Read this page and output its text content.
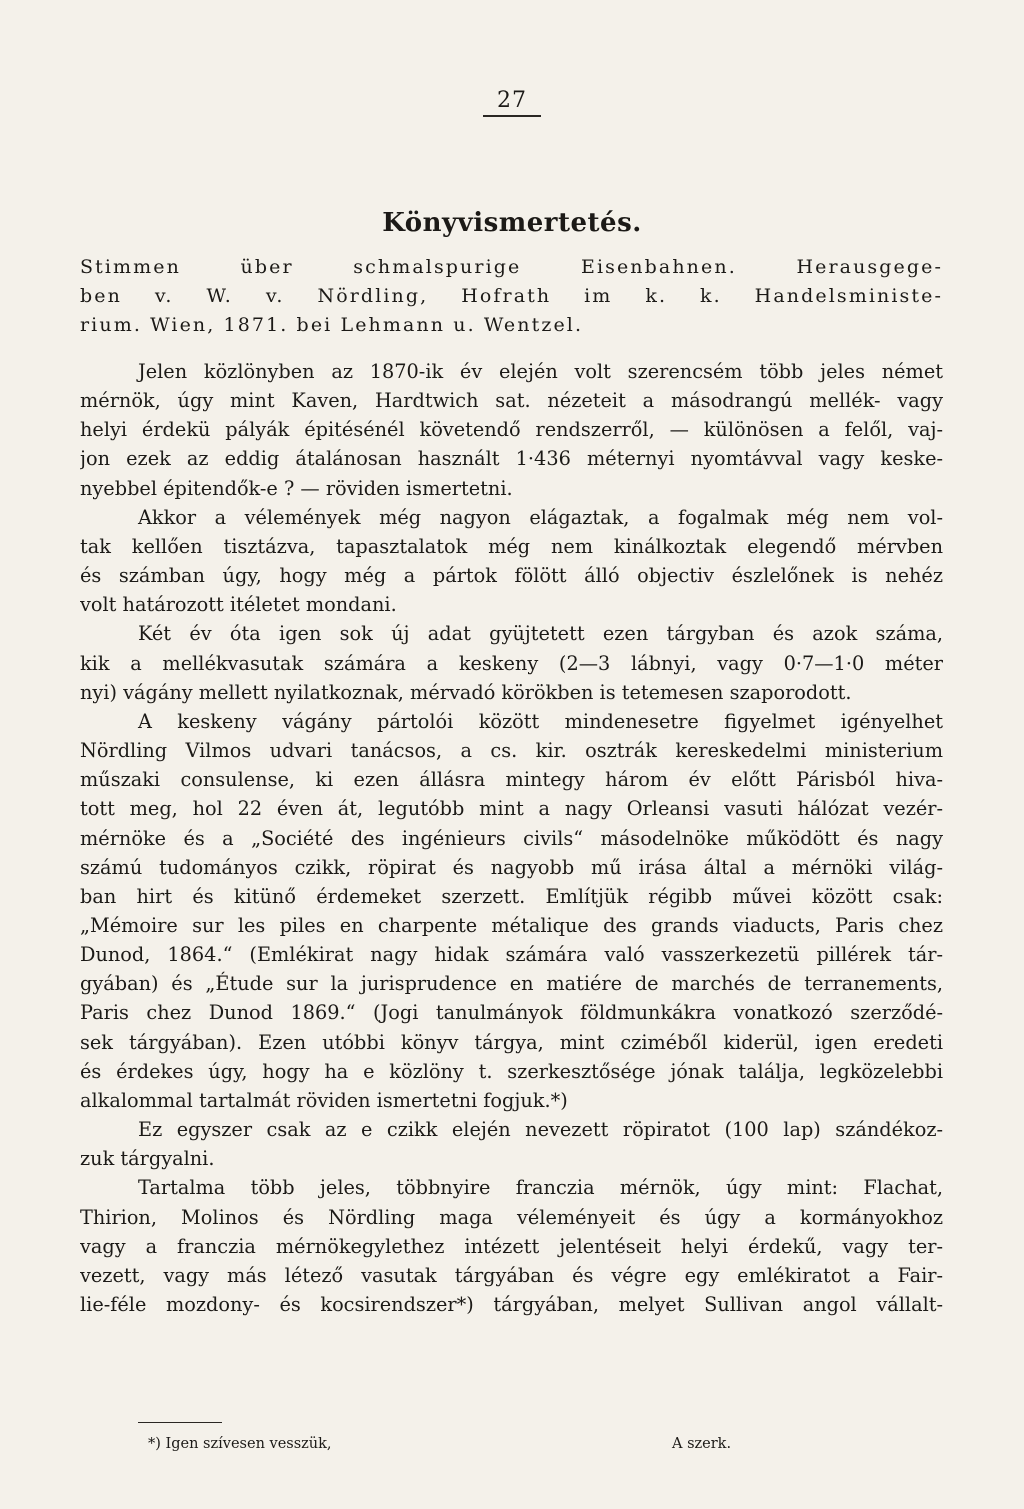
27
Könyvismertetés.
Stimmen über schmalspurige Eisenbahnen. Herausgege-
ben v. W. v. Nördling, Hofrath im k. k. Handelsministe-
rium. Wien, 1871. bei Lehmann u. Wentzel.
Jelen közlönyben az 1870-ik év elején volt szerencsém több jeles német
mérnök, úgy mint Kaven, Hardtwich sat. nézeteit a másodrangú mellék- vagy
helyi érdekü pályák épitésénél követendő rendszerről, — különösen a felől, vaj-
jon ezek az eddig átalánosan használt 1·436 méternyi nyomtávval vagy keske-
nyebbel épitendők-e ? — röviden ismertetni.
Akkor a vélemények még nagyon elágaztak, a fogalmak még nem vol-
tak kellően tisztázva, tapasztalatok még nem kinálkoztak elegendő mérvben
és számban úgy, hogy még a pártok fölött álló objectiv észlelőnek is nehéz
volt határozott itéletet mondani.
Két év óta igen sok új adat gyüjtetett ezen tárgyban és azok száma,
kik a mellékvasutak számára a keskeny (2—3 lábnyi, vagy 0·7—1·0 méter
nyi) vágány mellett nyilatkoznak, mérvadó körökben is tetemesen szaporodott.
A keskeny vágány pártolói között mindenesetre figyelmet igényelhet
Nördling Vilmos udvari tanácsos, a cs. kir. osztrák kereskedelmi ministerium
műszaki consulense, ki ezen állásra mintegy három év előtt Párisból hiva-
tott meg, hol 22 éven át, legutóbb mint a nagy Orleansi vasuti hálózat vezér-
mérnöke és a „Société des ingénieurs civils“ másodelnöke működött és nagy
számú tudományos czikk, röpirat és nagyobb mű irása által a mérnöki világ-
ban hirt és kitünő érdemeket szerzett. Említjük régibb művei között csak:
„Mémoire sur les piles en charpente métalique des grands viaducts, Paris chez
Dunod, 1864.“ (Emlékirat nagy hidak számára való vasszerkezetü pillérek tár-
gyában) és „Étude sur la jurisprudence en matiére de marchés de terranements,
Paris chez Dunod 1869.“ (Jogi tanulmányok földmunkákra vonatkozó szerződé-
sek tárgyában). Ezen utóbbi könyv tárgya, mint cziméből kiderül, igen eredeti
és érdekes úgy, hogy ha e közlöny t. szerkesztősége jónak találja, legközelebbi
alkalommal tartalmát röviden ismertetni fogjuk.*)
Ez egyszer csak az e czikk elején nevezett röpiratot (100 lap) szándékoz-
zuk tárgyalni.
Tartalma több jeles, többnyire franczia mérnök, úgy mint: Flachat,
Thirion, Molinos és Nördling maga véleményeit és úgy a kormányokhoz
vagy a franczia mérnökegylethez intézett jelentéseit helyi érdekű, vagy ter-
vezett, vagy más létező vasutak tárgyában és végre egy emlékiratot a Fair-
lie-féle mozdony- és kocsirendszer*) tárgyában, melyet Sullivan angol vállalt-
*) Igen szívesen vesszük,	A szerk.
